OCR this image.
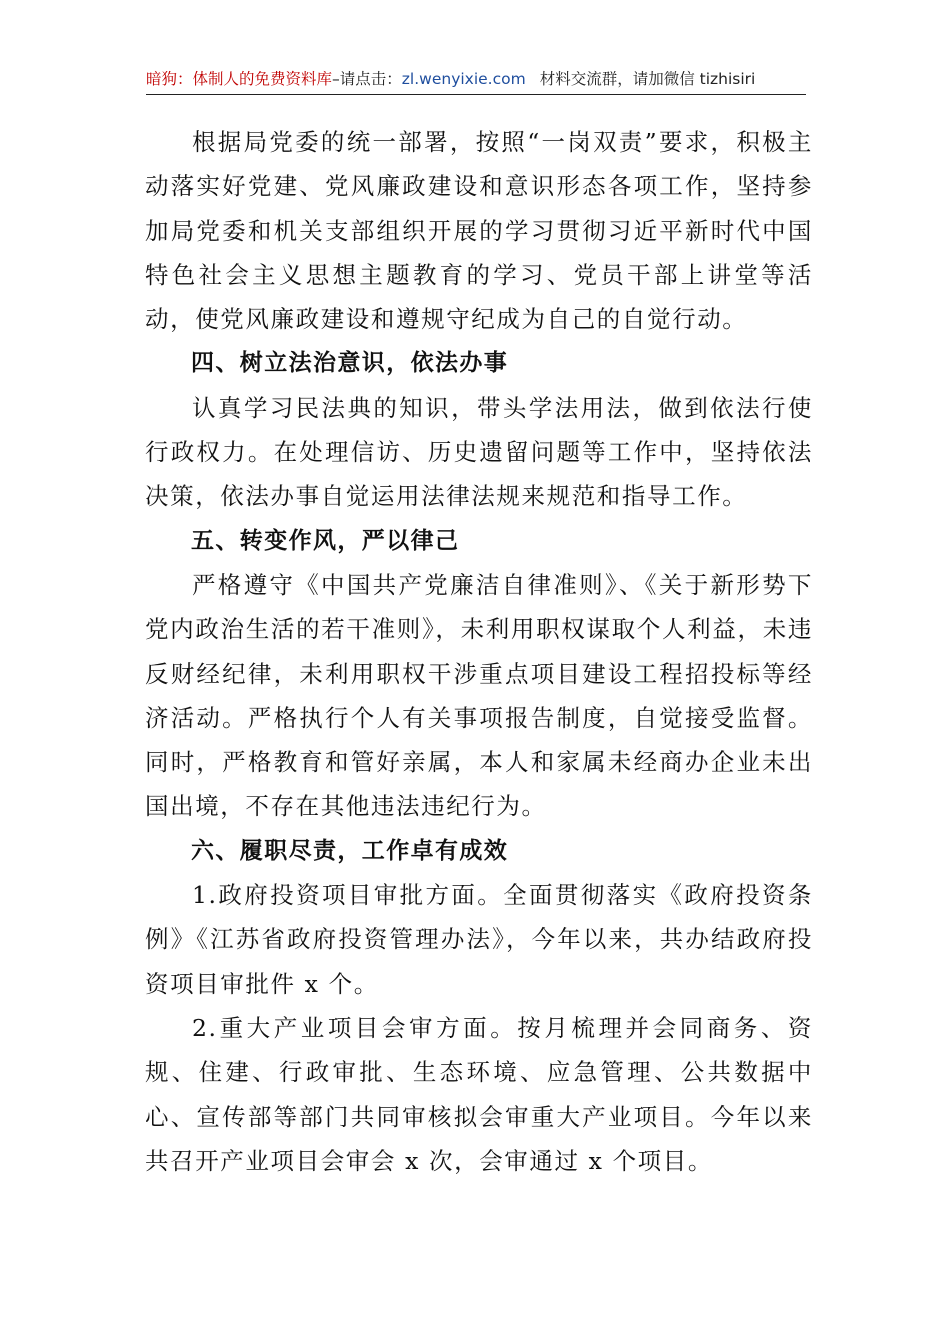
暗狗：体制人的免费资料库–请点击：zl.wenyixie.com 材料交流群，请加微信 tizhisiri

根据局党委的统一部署，按照“一岗双责”要求，积极主动落实好党建、党风廉政建设和意识形态各项工作，坚持参加局党委和机关支部组织开展的学习贯彻习近平新时代中国特色社会主义思想主题教育的学习、党员干部上讲堂等活动，使党风廉政建设和遵规守纪成为自己的自觉行动。

四、树立法治意识，依法办事

认真学习民法典的知识，带头学法用法，做到依法行使行政权力。在处理信访、历史遗留问题等工作中，坚持依法决策，依法办事自觉运用法律法规来规范和指导工作。

五、转变作风，严以律己

严格遵守《中国共产党廉洁自律准则》、《关于新形势下党内政治生活的若干准则》，未利用职权谋取个人利益，未违反财经纪律，未利用职权干涉重点项目建设工程招投标等经济活动。严格执行个人有关事项报告制度，自觉接受监督。同时，严格教育和管好亲属，本人和家属未经商办企业未出国出境，不存在其他违法违纪行为。

六、履职尽责，工作卓有成效

1.政府投资项目审批方面。全面贯彻落实《政府投资条例》《江苏省政府投资管理办法》，今年以来，共办结政府投资项目审批件 x 个。

2.重大产业项目会审方面。按月梳理并会同商务、资规、住建、行政审批、生态环境、应急管理、公共数据中心、宣传部等部门共同审核拟会审重大产业项目。今年以来共召开产业项目会审会 x 次，会审通过 x 个项目。
